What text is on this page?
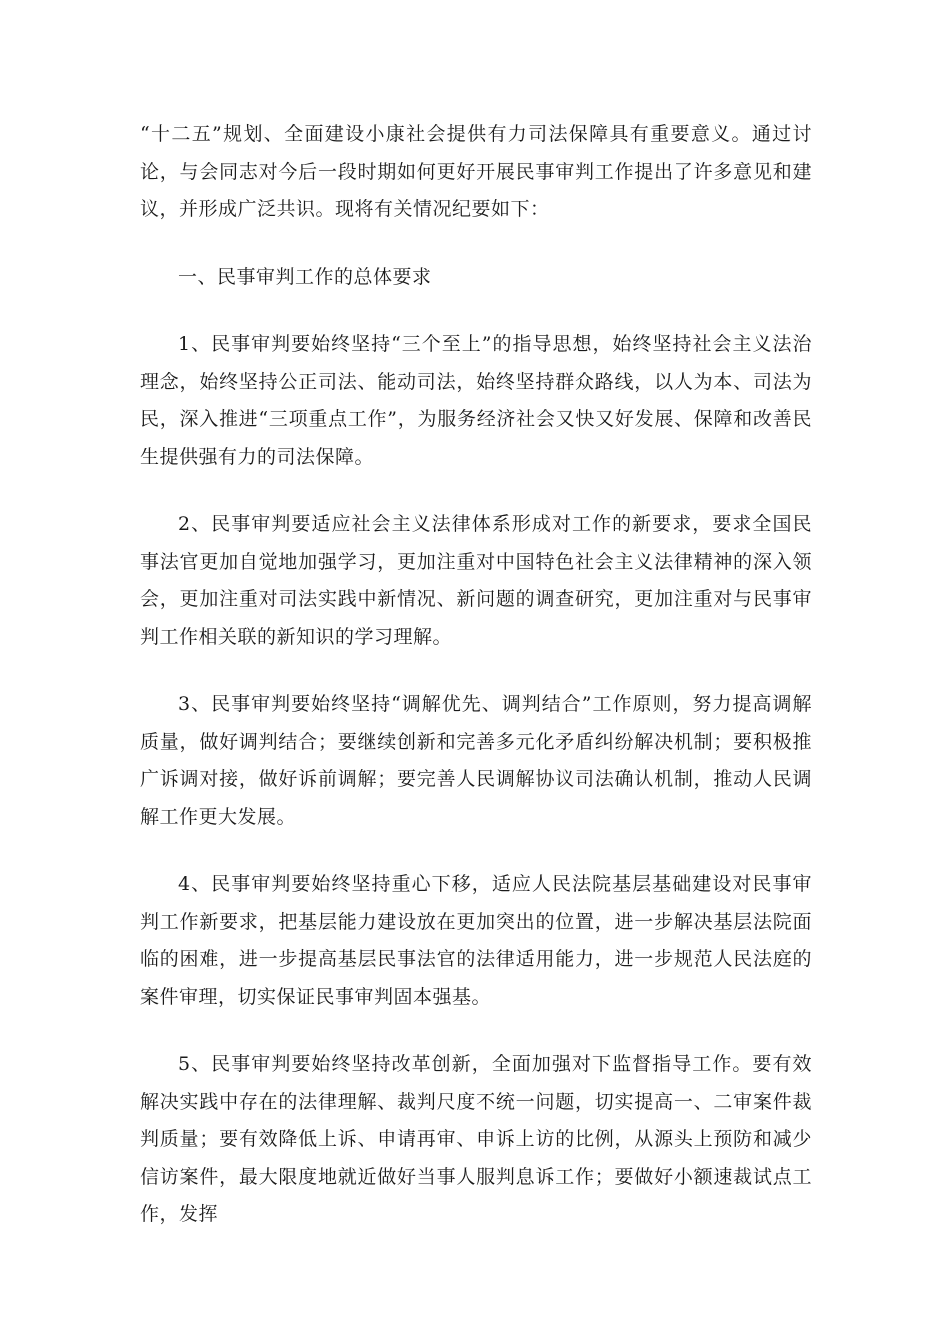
“十二五”规划、全面建设小康社会提供有力司法保障具有重要意义。通过讨论，与会同志对今后一段时期如何更好开展民事审判工作提出了许多意见和建议，并形成广泛共识。现将有关情况纪要如下：

一、民事审判工作的总体要求

1、民事审判要始终坚持“三个至上”的指导思想，始终坚持社会主义法治理念，始终坚持公正司法、能动司法，始终坚持群众路线，以人为本、司法为民，深入推进“三项重点工作”，为服务经济社会又快又好发展、保障和改善民生提供强有力的司法保障。

2、民事审判要适应社会主义法律体系形成对工作的新要求，要求全国民事法官更加自觉地加强学习，更加注重对中国特色社会主义法律精神的深入领会，更加注重对司法实践中新情况、新问题的调查研究，更加注重对与民事审判工作相关联的新知识的学习理解。

3、民事审判要始终坚持“调解优先、调判结合”工作原则，努力提高调解质量，做好调判结合；要继续创新和完善多元化矛盾纠纷解决机制；要积极推广诉调对接，做好诉前调解；要完善人民调解协议司法确认机制，推动人民调解工作更大发展。

4、民事审判要始终坚持重心下移，适应人民法院基层基础建设对民事审判工作新要求，把基层能力建设放在更加突出的位置，进一步解决基层法院面临的困难，进一步提高基层民事法官的法律适用能力，进一步规范人民法庭的案件审理，切实保证民事审判固本强基。

5、民事审判要始终坚持改革创新，全面加强对下监督指导工作。要有效解决实践中存在的法律理解、裁判尺度不统一问题，切实提高一、二审案件裁判质量；要有效降低上诉、申请再审、申诉上访的比例，从源头上预防和减少信访案件，最大限度地就近做好当事人服判息诉工作；要做好小额速裁试点工作，发挥
